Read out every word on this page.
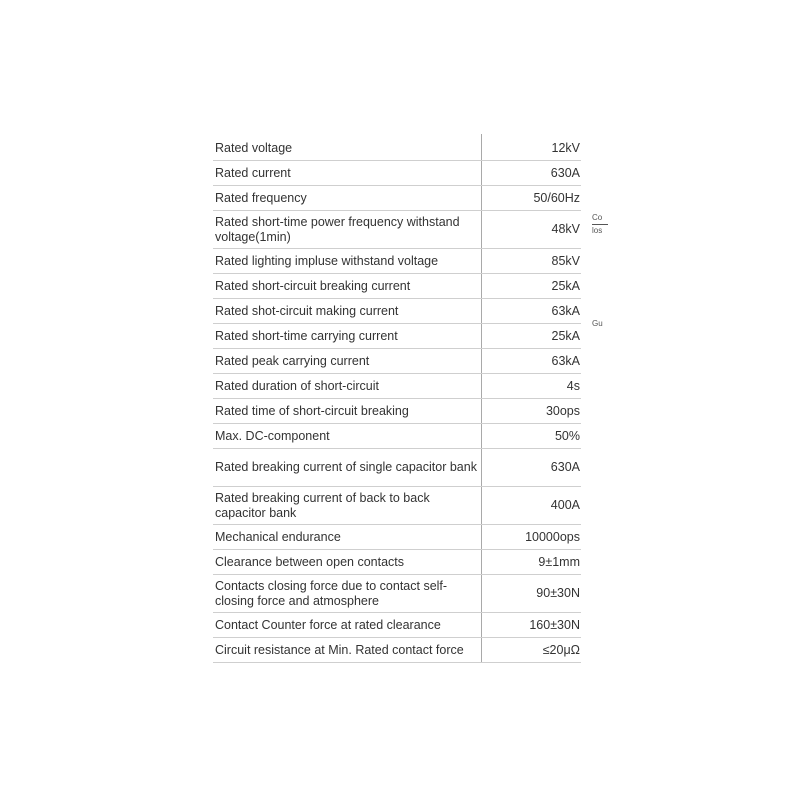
Rated voltage	12kV
Rated current	630A
Rated frequency	50/60Hz
Rated short-time power frequency withstand voltage(1min)	48kV
Rated lighting impluse withstand voltage	85kV
Rated short-circuit breaking current	25kA
Rated shot-circuit making current	63kA
Rated short-time carrying current	25kA
Rated peak carrying current	63kA
Rated duration of short-circuit	4s
Rated time of short-circuit breaking	30ops
Max. DC-component	50%
Rated breaking current of single capacitor bank	630A
Rated breaking current of back to back capacitor bank	400A
Mechanical endurance	10000ops
Clearance between open contacts	9±1mm
Contacts closing force due to contact self-closing force and atmosphere	90±30N
Contact Counter force at rated clearance	160±30N
Circuit resistance at Min. Rated contact force	≤20μΩ
Co
los
Gu
